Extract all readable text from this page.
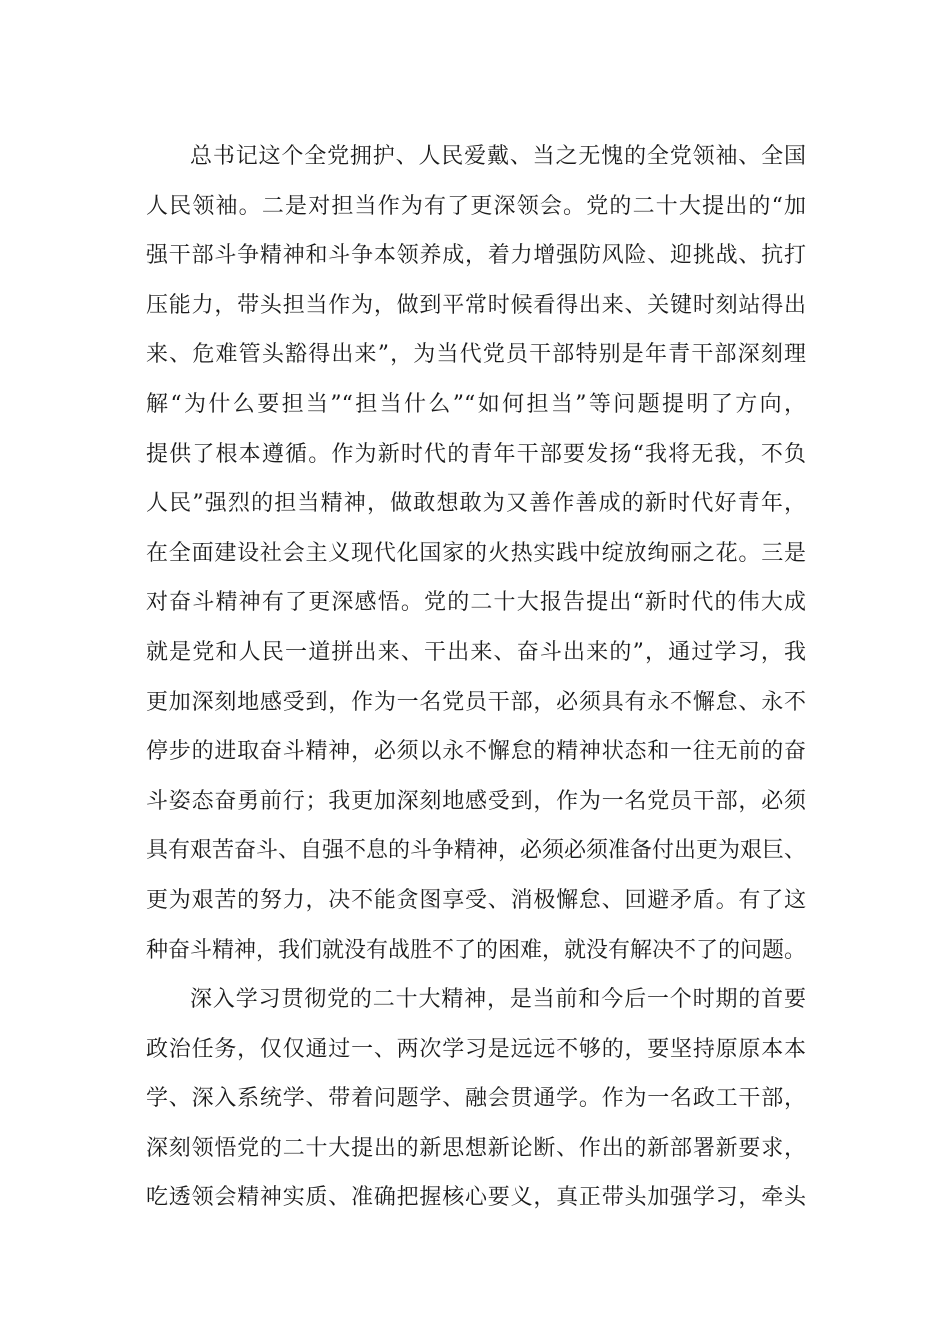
总书记这个全党拥护、人民爱戴、当之无愧的全党领袖、全国
人民领袖。二是对担当作为有了更深领会。党的二十大提出的“加
强干部斗争精神和斗争本领养成，着力增强防风险、迎挑战、抗打
压能力，带头担当作为，做到平常时候看得出来、关键时刻站得出
来、危难管头豁得出来”，为当代党员干部特别是年青干部深刻理
解“为什么要担当”“担当什么”“如何担当”等问题提明了方向，
提供了根本遵循。作为新时代的青年干部要发扬“我将无我，不负
人民”强烈的担当精神，做敢想敢为又善作善成的新时代好青年，
在全面建设社会主义现代化国家的火热实践中绽放绚丽之花。三是
对奋斗精神有了更深感悟。党的二十大报告提出“新时代的伟大成
就是党和人民一道拼出来、干出来、奋斗出来的”，通过学习，我
更加深刻地感受到，作为一名党员干部，必须具有永不懈怠、永不
停步的进取奋斗精神，必须以永不懈怠的精神状态和一往无前的奋
斗姿态奋勇前行；我更加深刻地感受到，作为一名党员干部，必须
具有艰苦奋斗、自强不息的斗争精神，必须必须准备付出更为艰巨、
更为艰苦的努力，决不能贪图享受、消极懈怠、回避矛盾。有了这
种奋斗精神，我们就没有战胜不了的困难，就没有解决不了的问题。
深入学习贯彻党的二十大精神，是当前和今后一个时期的首要
政治任务，仅仅通过一、两次学习是远远不够的，要坚持原原本本
学、深入系统学、带着问题学、融会贯通学。作为一名政工干部，
深刻领悟党的二十大提出的新思想新论断、作出的新部署新要求，
吃透领会精神实质、准确把握核心要义，真正带头加强学习，牵头
